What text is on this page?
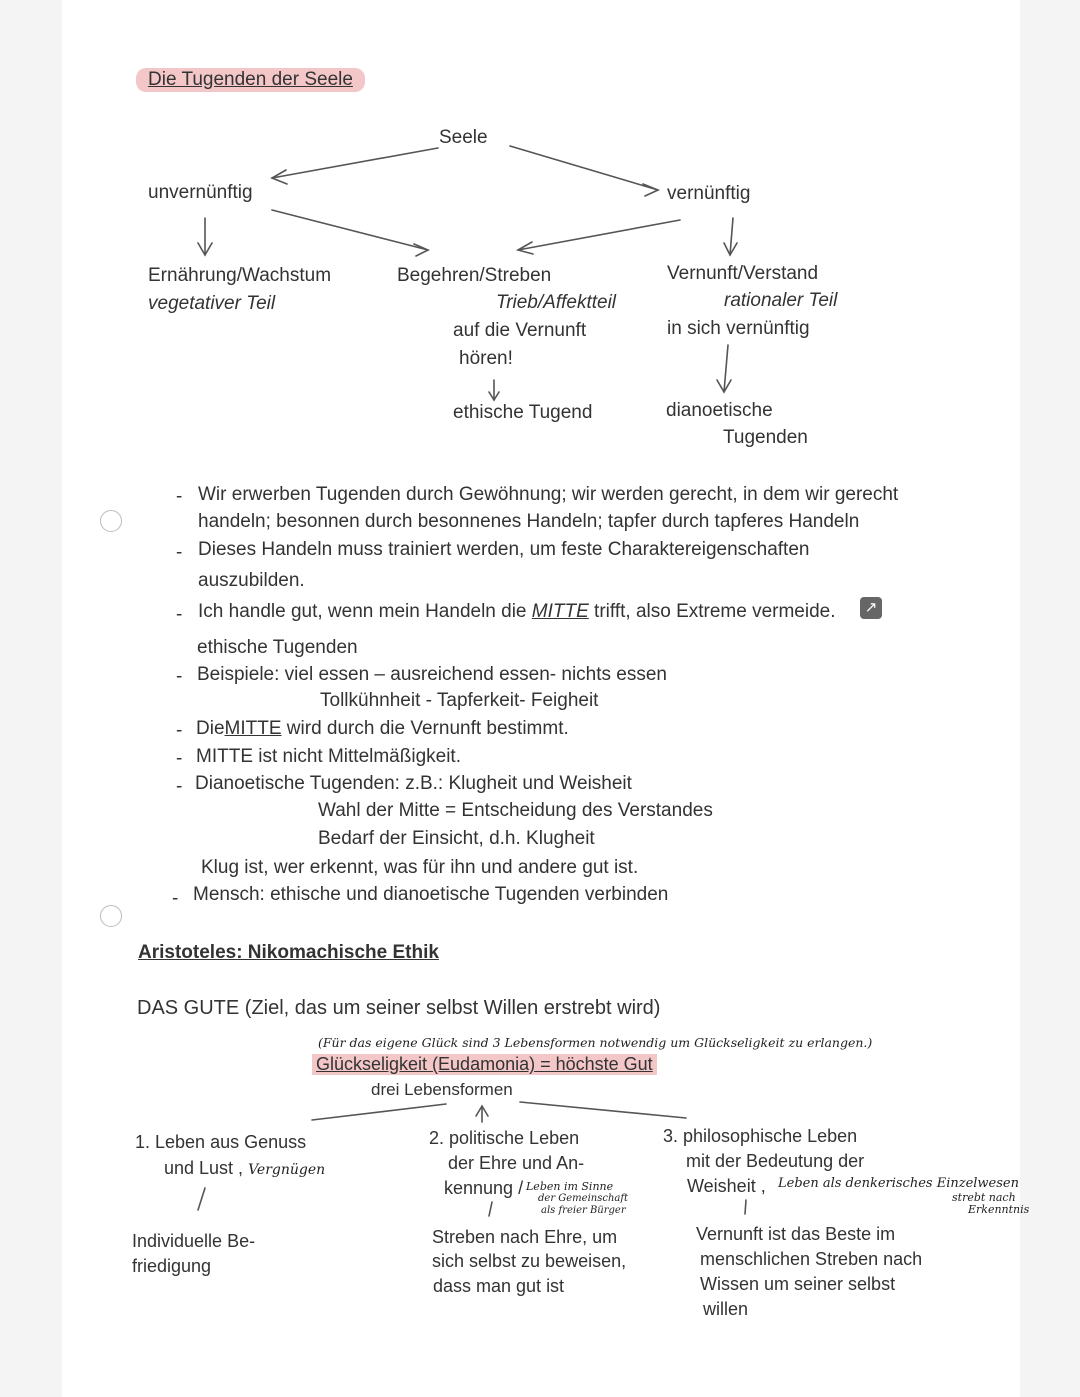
Die Tugenden der Seele
Seele
unvernünftig	vernünftig
Ernährung/Wachstum
vegetativer Teil
Begehren/Streben
Trieb/Affektteil
auf die Vernunft
hören!
ethische Tugend
Vernunft/Verstand
rationaler Teil
in sich vernünftig
dianoetische
Tugenden
- Wir erwerben Tugenden durch Gewöhnung; wir werden gerecht, in dem wir gerecht
handeln; besonnen durch besonnenes Handeln; tapfer durch tapferes Handeln
- Dieses Handeln muss trainiert werden, um feste Charaktereigenschaften
auszubilden.
- Ich handle gut, wenn mein Handeln die MITTE trifft, also Extreme vermeide.	↗
ethische Tugenden
- Beispiele: viel essen – ausreichend essen- nichts essen
Tollkühnheit - Tapferkeit- Feigheit
- DieMITTE wird durch die Vernunft bestimmt.
- MITTE ist nicht Mittelmäßigkeit.
- Dianoetische Tugenden: z.B.: Klugheit und Weisheit
Wahl der Mitte = Entscheidung des Verstandes
Bedarf der Einsicht, d.h. Klugheit
Klug ist, wer erkennt, was für ihn und andere gut ist.
- Mensch: ethische und dianoetische Tugenden verbinden
Aristoteles: Nikomachische Ethik
DAS GUTE (Ziel, das um seiner selbst Willen erstrebt wird)
(Für das eigene Glück sind 3 Lebensformen notwendig um Glückseligkeit zu erlangen.)
Glückseligkeit (Eudamonia) = höchste Gut
drei Lebensformen
1. Leben aus Genuss
und Lust , Vergnügen
Individuelle Be-
friedigung
2. politische Leben
der Ehre und An-
kennung / Leben im Sinne
der Gemeinschaft
als freier Bürger
Streben nach Ehre, um
sich selbst zu beweisen,
dass man gut ist
3. philosophische Leben
mit der Bedeutung der
Weisheit , Leben als denkerisches Einzelwesen
strebt nach
Erkenntnis
Vernunft ist das Beste im
menschlichen Streben nach
Wissen um seiner selbst
willen
